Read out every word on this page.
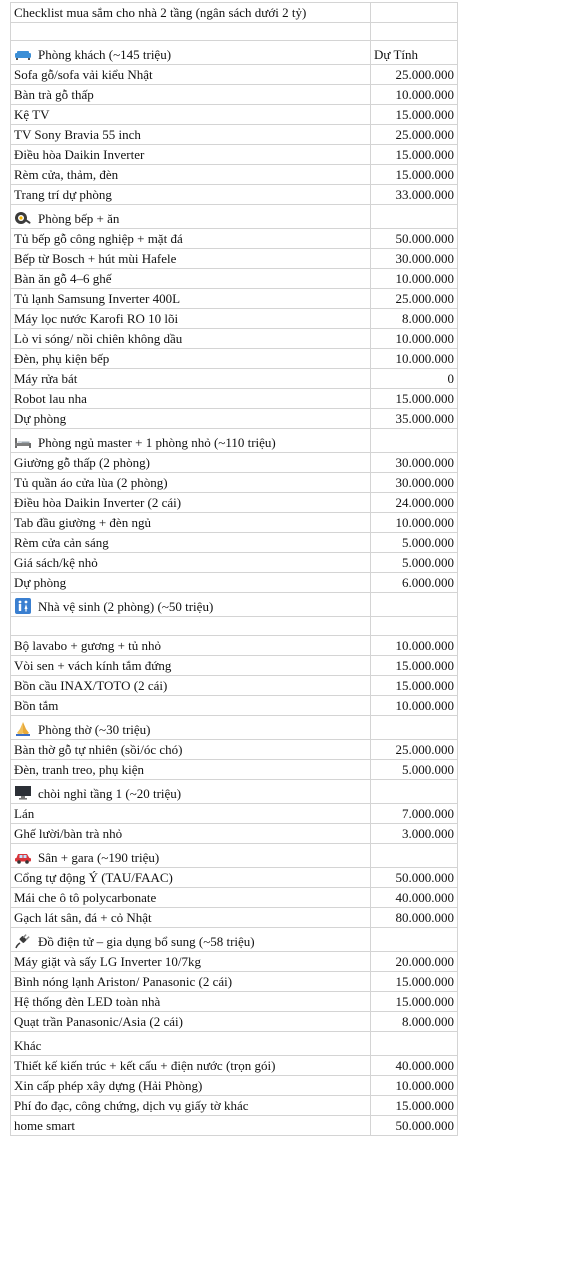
Checklist mua sắm cho nhà 2 tầng (ngân sách dưới 2 tỷ)	

Phòng khách (~145 triệu)	Dự Tính
Sofa gỗ/sofa vải kiểu Nhật	25.000.000
Bàn trà gỗ thấp	10.000.000
Kệ TV	15.000.000
TV Sony Bravia 55 inch	25.000.000
Điều hòa Daikin Inverter	15.000.000
Rèm cửa, thảm, đèn	15.000.000
Trang trí dự phòng	33.000.000

Phòng bếp + ăn	
Tủ bếp gỗ công nghiệp + mặt đá	50.000.000
Bếp từ Bosch + hút mùi Hafele	30.000.000
Bàn ăn gỗ 4–6 ghế	10.000.000
Tủ lạnh Samsung Inverter 400L	25.000.000
Máy lọc nước Karofi RO 10 lõi	8.000.000
Lò vi sóng/ nồi chiên không dầu	10.000.000
Đèn, phụ kiện bếp	10.000.000
Máy rửa bát	0
Robot lau nha	15.000.000
Dự phòng	35.000.000

Phòng ngủ master + 1 phòng nhỏ (~110 triệu)	
Giường gỗ thấp (2 phòng)	30.000.000
Tủ quần áo cửa lùa (2 phòng)	30.000.000
Điều hòa Daikin Inverter (2 cái)	24.000.000
Tab đầu giường + đèn ngủ	10.000.000
Rèm cửa cản sáng	5.000.000
Giá sách/kệ nhỏ	5.000.000
Dự phòng	6.000.000

Nhà vệ sinh (2 phòng) (~50 triệu)	

Bộ lavabo + gương + tủ nhỏ	10.000.000
Vòi sen + vách kính tắm đứng	15.000.000
Bồn cầu INAX/TOTO (2 cái)	15.000.000
Bồn tắm	10.000.000

Phòng thờ (~30 triệu)	
Bàn thờ gỗ tự nhiên (sồi/óc chó)	25.000.000
Đèn, tranh treo, phụ kiện	5.000.000

chòi nghỉ tầng 1 (~20 triệu)	
Lán	7.000.000
Ghế lười/bàn trà nhỏ	3.000.000

Sân + gara (~190 triệu)	
Cổng tự động Ý (TAU/FAAC)	50.000.000
Mái che ô tô polycarbonate	40.000.000
Gạch lát sân, đá + cỏ Nhật	80.000.000

Đồ điện tử – gia dụng bổ sung (~58 triệu)	
Máy giặt và sấy LG Inverter 10/7kg	20.000.000
Bình nóng lạnh Ariston/ Panasonic (2 cái)	15.000.000
Hệ thống đèn LED toàn nhà	15.000.000
Quạt trần Panasonic/Asia (2 cái)	8.000.000
Khác	
Thiết kế kiến trúc + kết cấu + điện nước (trọn gói)	40.000.000
Xin cấp phép xây dựng (Hải Phòng)	10.000.000
Phí đo đạc, công chứng, dịch vụ giấy tờ khác	15.000.000
home smart	50.000.000
